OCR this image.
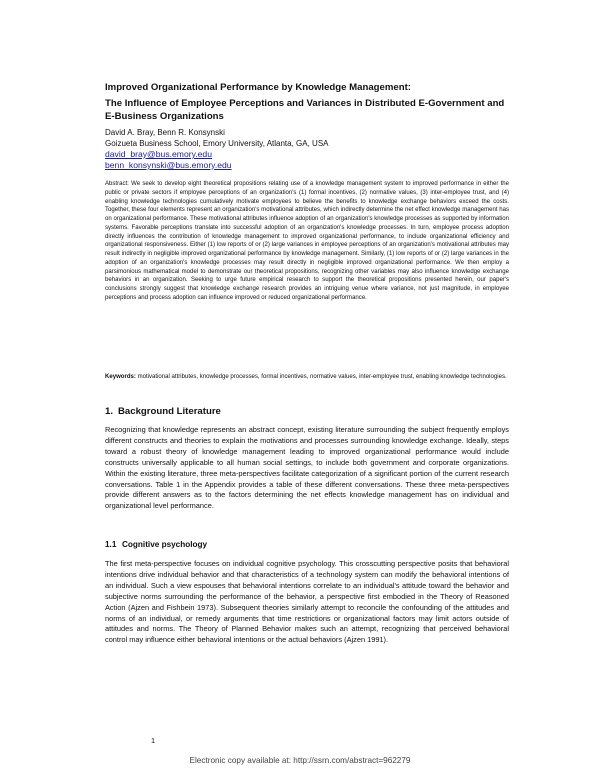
Improved Organizational Performance by Knowledge Management:

The Influence of Employee Perceptions and Variances in Distributed E-Government and E-Business Organizations

David A. Bray, Benn R. Konsynski

Goizueta Business School, Emory University, Atlanta, GA, USA

david_bray@bus.emory.edu

benn_konsynski@bus.emory.edu

Abstract: We seek to develop eight theoretical propositions relating use of a knowledge management system to improved performance in either the public or private sectors if employee perceptions of an organization's (1) formal incentives, (2) normative values, (3) inter-employee trust, and (4) enabling knowledge technologies cumulatively motivate employees to believe the benefits to knowledge exchange behaviors exceed the costs. Together, these four elements represent an organization's motivational attributes, which indirectly determine the net effect knowledge management has on organizational performance. These motivational attributes influence adoption of an organization's knowledge processes as supported by information systems. Favorable perceptions translate into successful adoption of an organization's knowledge processes. In turn, employee process adoption directly influences the contribution of knowledge management to improved organizational performance, to include organizational efficiency and organizational responsiveness. Either (1) low reports of or (2) large variances in employee perceptions of an organization's motivational attributes may result indirectly in negligible improved organizational performance by knowledge management. Similarly, (1) low reports of or (2) large variances in the adoption of an organization's knowledge processes may result directly in negligible improved organizational performance. We then employ a parsimonious mathematical model to demonstrate our theoretical propositions, recognizing other variables may also influence knowledge exchange behaviors in an organization. Seeking to urge future empirical research to support the theoretical propositions presented herein, our paper's conclusions strongly suggest that knowledge exchange research provides an intriguing venue where variance, not just magnitude, in employee perceptions and process adoption can influence improved or reduced organizational performance.

Keywords: motivational attributes, knowledge processes, formal incentives, normative values, inter-employee trust, enabling knowledge technologies.

1. Background Literature

Recognizing that knowledge represents an abstract concept, existing literature surrounding the subject frequently employs different constructs and theories to explain the motivations and processes surrounding knowledge exchange. Ideally, steps toward a robust theory of knowledge management leading to improved organizational performance would include constructs universally applicable to all human social settings, to include both government and corporate organizations. Within the existing literature, three meta-perspectives facilitate categorization of a significant portion of the current research conversations. Table 1 in the Appendix provides a table of these different conversations. These three meta-perspectives provide different answers as to the factors determining the net effects knowledge management has on individual and organizational level performance.

1.1 Cognitive psychology

The first meta-perspective focuses on individual cognitive psychology. This crosscutting perspective posits that behavioral intentions drive individual behavior and that characteristics of a technology system can modify the behavioral intentions of an individual. Such a view espouses that behavioral intentions correlate to an individual's attitude toward the behavior and subjective norms surrounding the performance of the behavior, a perspective first embodied in the Theory of Reasoned Action (Ajzen and Fishbein 1973). Subsequent theories similarly attempt to reconcile the confounding of the attitudes and norms of an individual, or remedy arguments that time restrictions or organizational factors may limit actors outside of attitudes and norms. The Theory of Planned Behavior makes such an attempt, recognizing that perceived behavioral control may influence either behavioral intentions or the actual behaviors (Ajzen 1991).

1

Electronic copy available at: http://ssrn.com/abstract=962279
